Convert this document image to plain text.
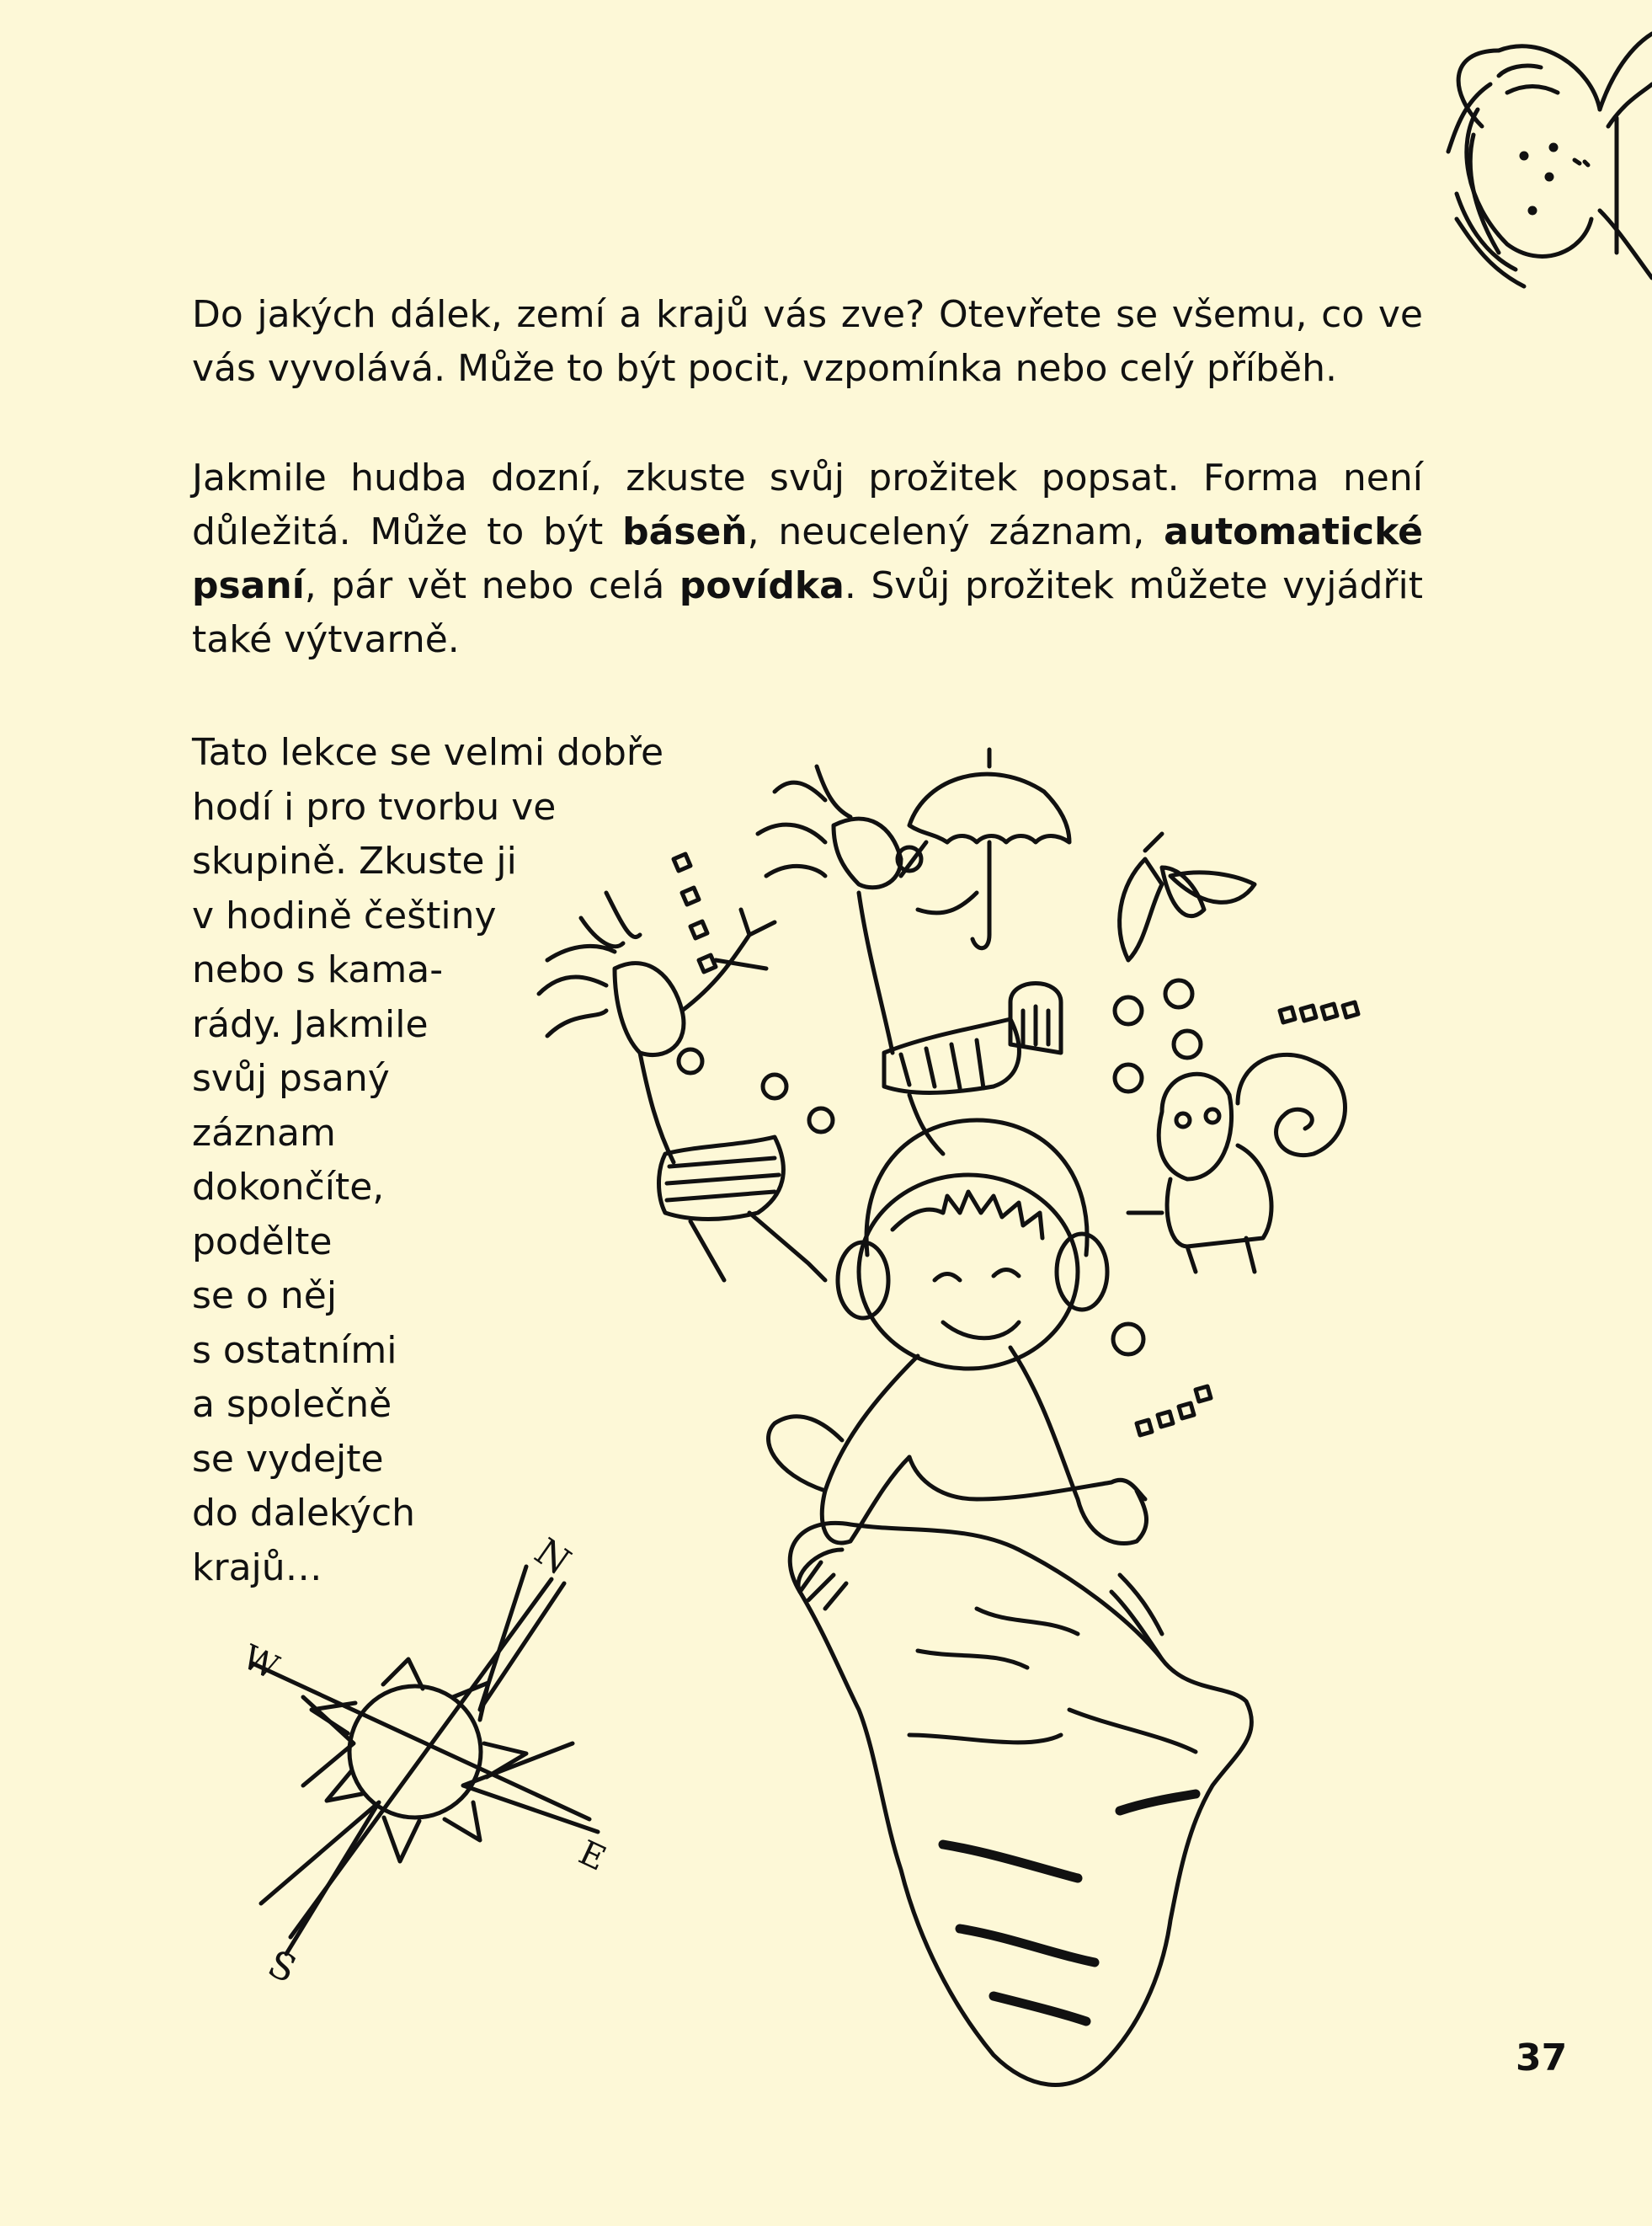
Do jakých dálek, zemí a krajů vás zve? Otevřete se všemu, co ve vás vyvolává. Může to být pocit, vzpomínka nebo celý příběh.

Jakmile hudba dozní, zkuste svůj prožitek popsat. Forma není důležitá. Může to být báseň, neucelený záznam, automatické psaní, pár vět nebo celá povídka. Svůj prožitek můžete vyjádřit také výtvarně.

Tato lekce se velmi dobře
hodí i pro tvorbu ve
skupině. Zkuste ji
v hodině češtiny
nebo s kama-
rády. Jakmile
svůj psaný
záznam
dokončíte,
podělte
se o něj
s ostatními
a společně
se vydejte
do dalekých
krajů…	N
W
E
S
37
